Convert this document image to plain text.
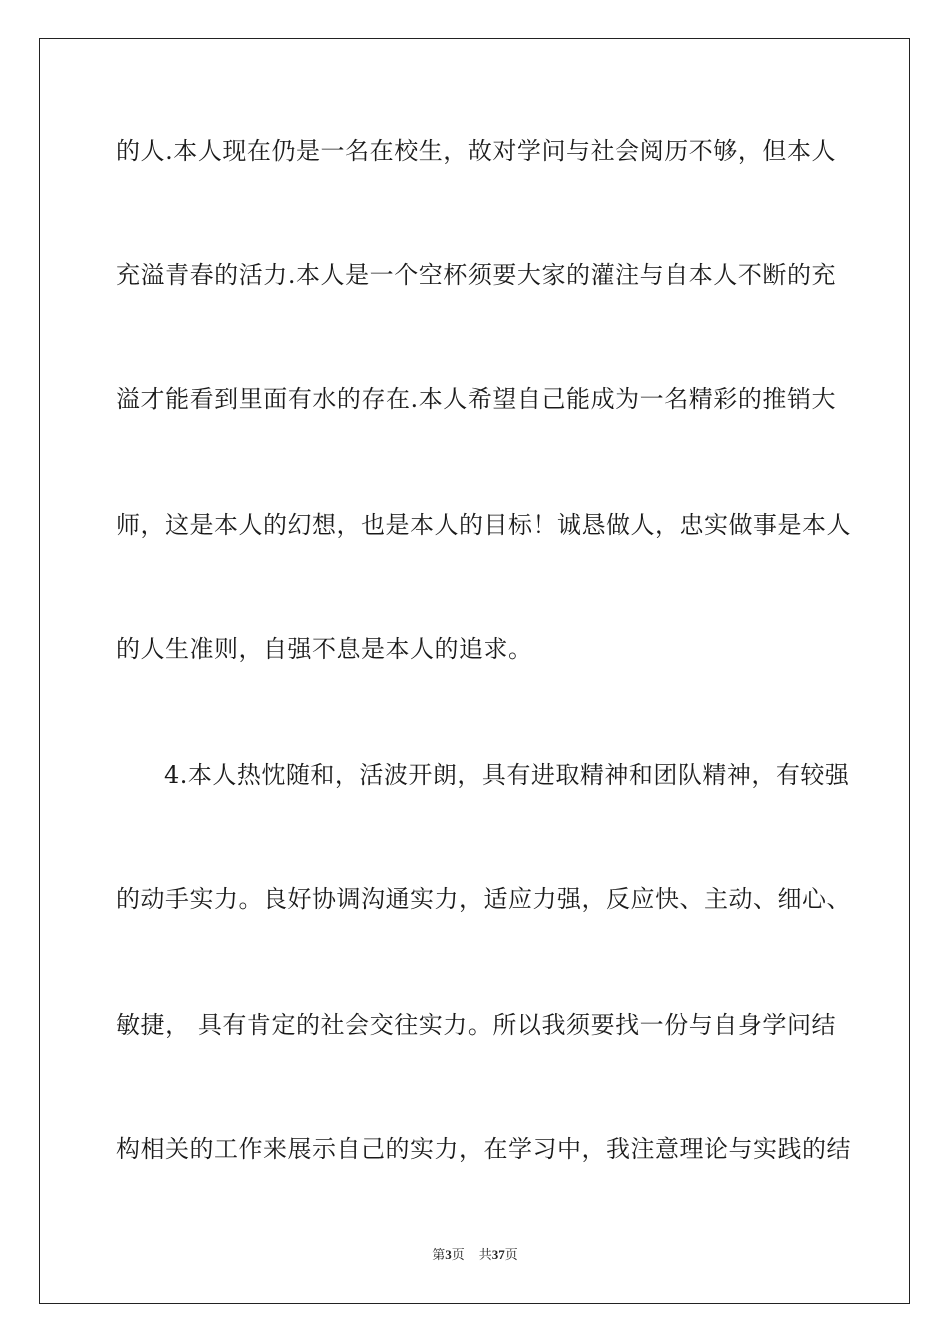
的人.本人现在仍是一名在校生，故对学问与社会阅历不够，但本人
充溢青春的活力.本人是一个空杯须要大家的灌注与自本人不断的充
溢才能看到里面有水的存在.本人希望自己能成为一名精彩的推销大
师，这是本人的幻想，也是本人的目标！诚恳做人，忠实做事是本人
的人生准则，自强不息是本人的追求。
4.本人热忱随和，活波开朗，具有进取精神和团队精神，有较强
的动手实力。良好协调沟通实力，适应力强，反应快、主动、细心、
敏捷， 具有肯定的社会交往实力。所以我须要找一份与自身学问结
构相关的工作来展示自己的实力，在学习中，我注意理论与实践的结
第3页 共37页
